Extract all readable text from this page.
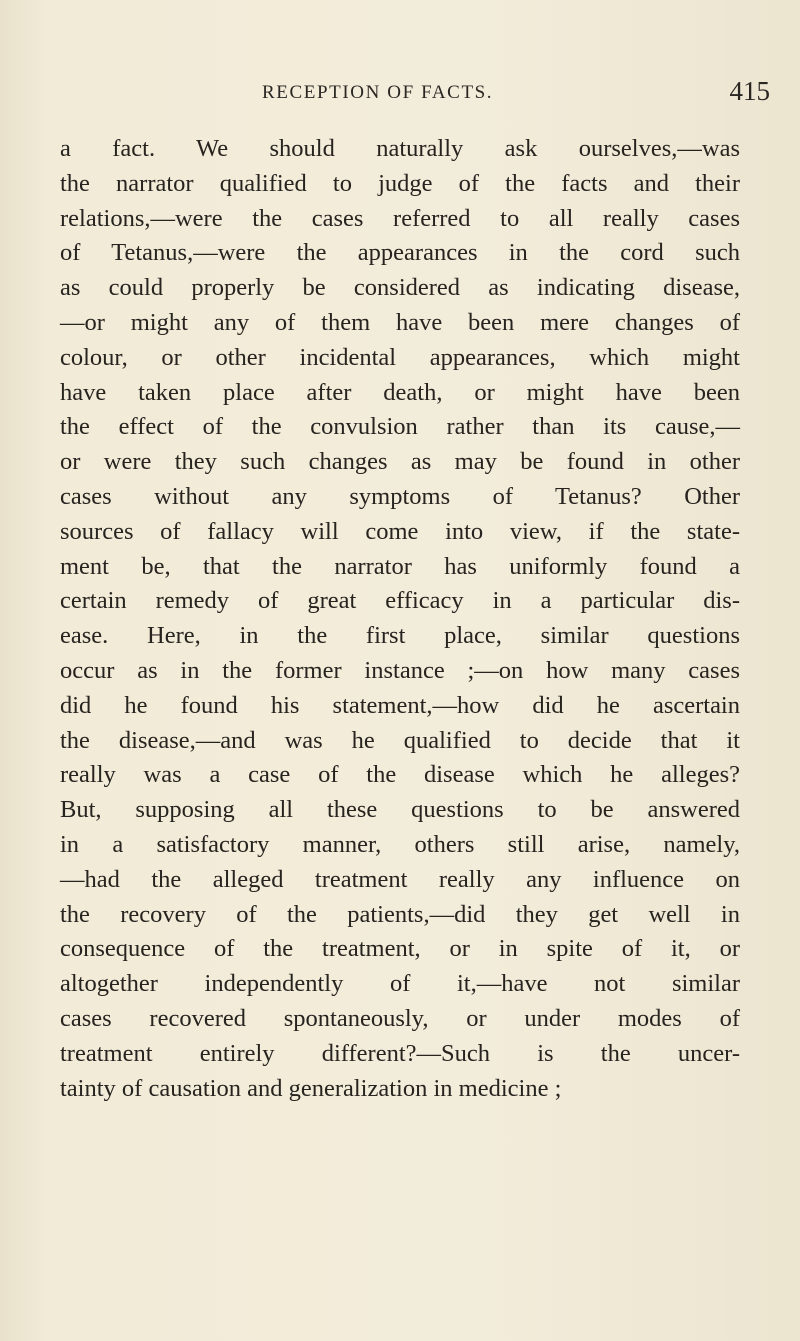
RECEPTION OF FACTS.	415
a fact. We should naturally ask ourselves,—was
the narrator qualified to judge of the facts and their
relations,—were the cases referred to all really cases
of Tetanus,—were the appearances in the cord such
as could properly be considered as indicating disease,
—or might any of them have been mere changes of
colour, or other incidental appearances, which might
have taken place after death, or might have been
the effect of the convulsion rather than its cause,—
or were they such changes as may be found in other
cases without any symptoms of Tetanus? Other
sources of fallacy will come into view, if the state-
ment be, that the narrator has uniformly found a
certain remedy of great efficacy in a particular dis-
ease. Here, in the first place, similar questions
occur as in the former instance ;—on how many cases
did he found his statement,—how did he ascertain
the disease,—and was he qualified to decide that it
really was a case of the disease which he alleges?
But, supposing all these questions to be answered
in a satisfactory manner, others still arise, namely,
—had the alleged treatment really any influence on
the recovery of the patients,—did they get well in
consequence of the treatment, or in spite of it, or
altogether independently of it,—have not similar
cases recovered spontaneously, or under modes of
treatment entirely different?—Such is the uncer-
tainty of causation and generalization in medicine ;
